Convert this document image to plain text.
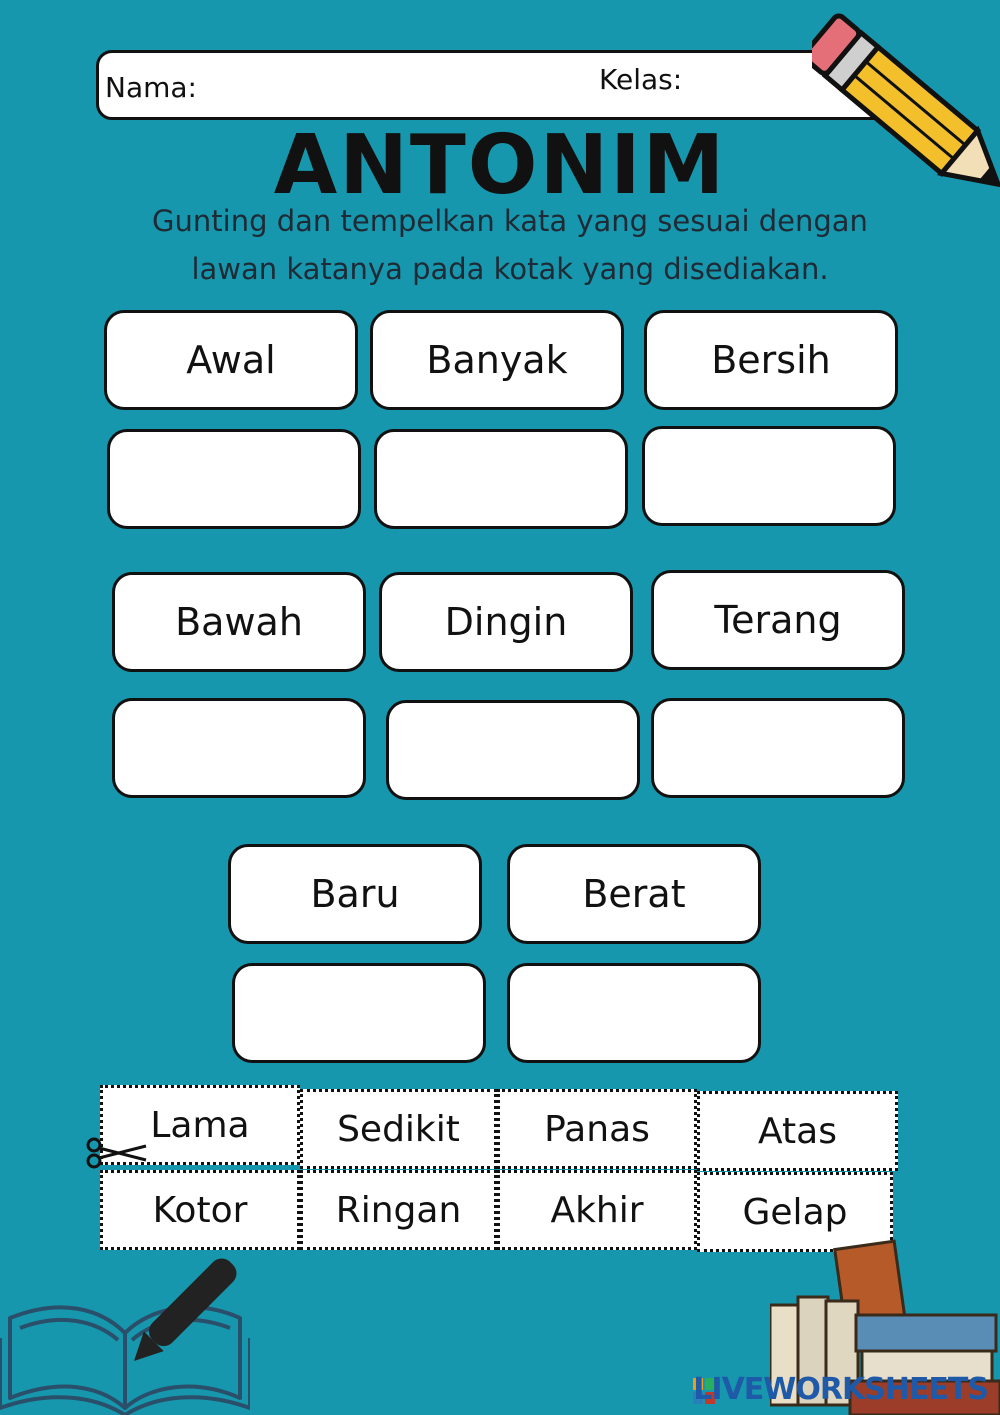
Nama:	Kelas:
ANTONIM
Gunting dan tempelkan kata yang sesuai dengan
lawan katanya pada kotak yang disediakan.
Awal	Banyak	Bersih
Bawah	Dingin	Terang
Baru	Berat
Lama	Sedikit	Panas	Atas
Kotor	Ringan	Akhir	Gelap
LIVEWORKSHEETS
